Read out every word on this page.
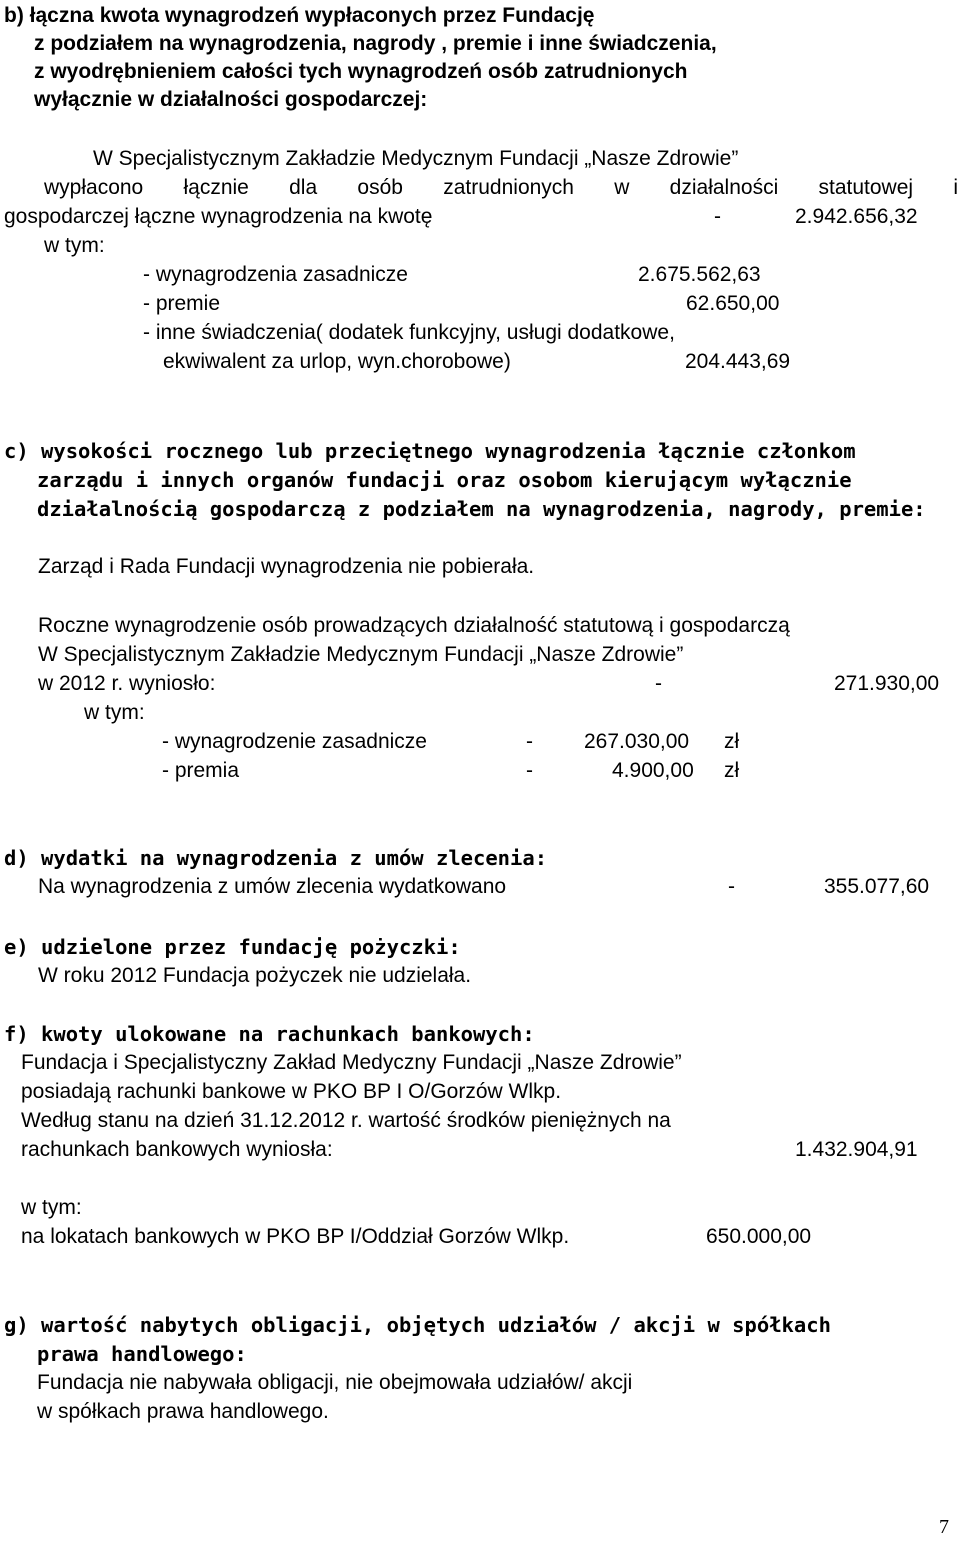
b) łączna kwota wynagrodzeń wypłaconych przez Fundację
z podziałem na wynagrodzenia, nagrody , premie i inne świadczenia,
z wyodrębnieniem całości tych wynagrodzeń osób zatrudnionych
wyłącznie w działalności gospodarczej:
W Specjalistycznym Zakładzie Medycznym Fundacji „Nasze Zdrowie”
wypłacono łącznie dla osób zatrudnionych w działalności statutowej i
gospodarczej łączne wynagrodzenia na kwotę	-	2.942.656,32
w tym:
- wynagrodzenia zasadnicze	2.675.562,63
- premie	62.650,00
- inne świadczenia( dodatek funkcyjny, usługi dodatkowe,
ekwiwalent za urlop, wyn.chorobowe)	204.443,69
c) wysokości rocznego lub przeciętnego wynagrodzenia łącznie członkom
zarządu i innych organów fundacji oraz osobom kierującym wyłącznie
działalnością gospodarczą z podziałem na wynagrodzenia, nagrody, premie:
Zarząd i Rada Fundacji wynagrodzenia nie pobierała.
Roczne wynagrodzenie osób prowadzących działalność statutową i gospodarczą
W Specjalistycznym Zakładzie Medycznym Fundacji „Nasze Zdrowie”
w 2012 r. wyniosło:	-	271.930,00
w tym:
- wynagrodzenie zasadnicze	- 267.030,00 zł
- premia	-	4.900,00 zł
d) wydatki na wynagrodzenia z umów zlecenia:
Na wynagrodzenia z umów zlecenia wydatkowano	-	355.077,60
e) udzielone przez fundację pożyczki:
W roku 2012 Fundacja pożyczek nie udzielała.
f) kwoty ulokowane na rachunkach bankowych:
Fundacja i Specjalistyczny Zakład Medyczny Fundacji „Nasze Zdrowie”
posiadają rachunki bankowe w PKO BP I O/Gorzów Wlkp.
Według stanu na dzień 31.12.2012 r. wartość środków pieniężnych na
rachunkach bankowych wyniosła:	1.432.904,91
w tym:
na lokatach bankowych w PKO BP I/Oddział Gorzów Wlkp.	650.000,00
g) wartość nabytych obligacji, objętych udziałów / akcji w spółkach
prawa handlowego:
Fundacja nie nabywała obligacji, nie obejmowała udziałów/ akcji
w spółkach prawa handlowego.
7
